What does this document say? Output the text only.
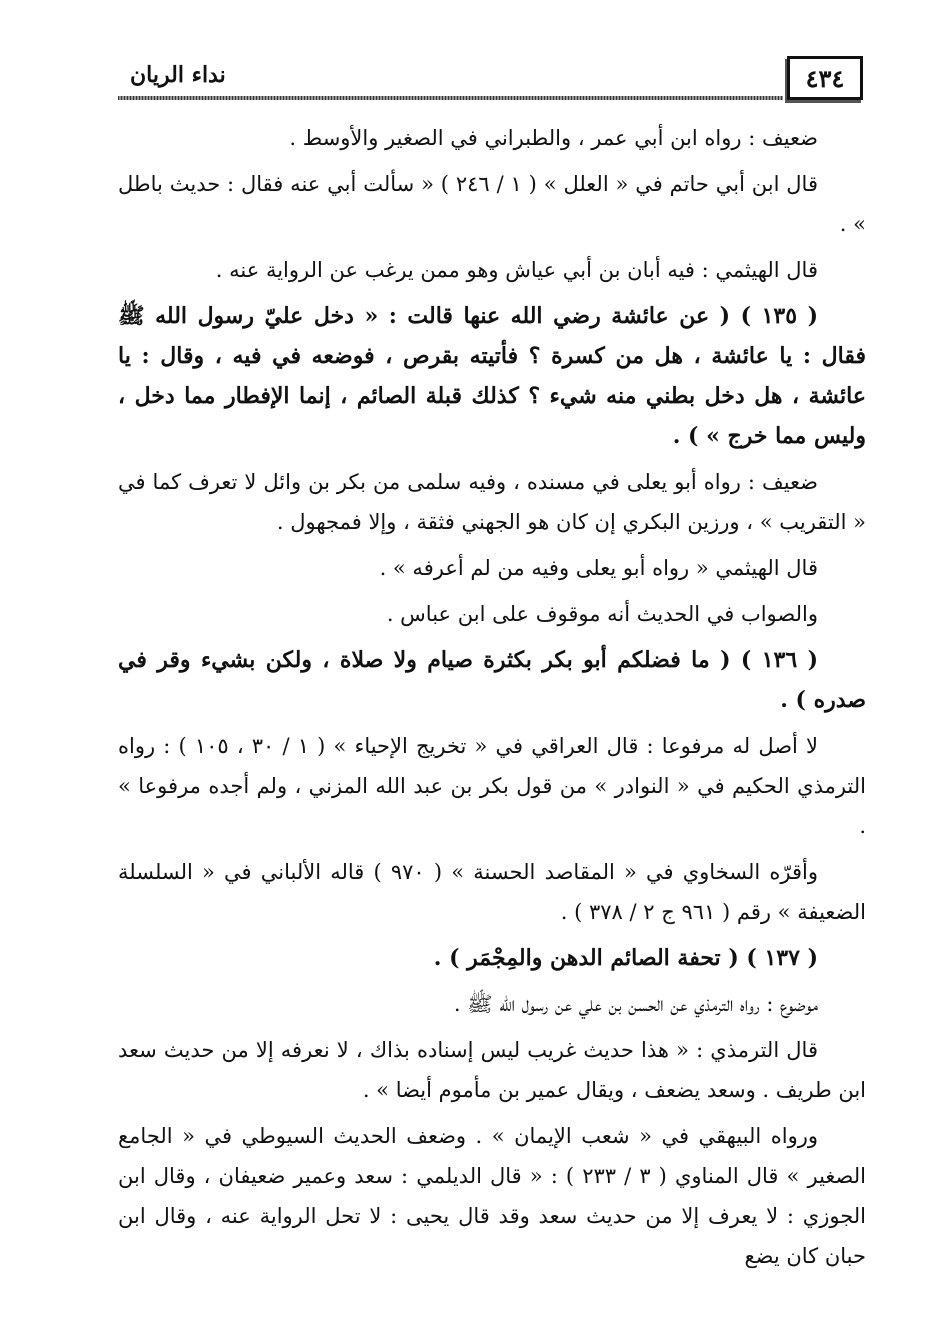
نداء الريان	٤٣٤

ضعيف : رواه ابن أبي عمر ، والطبراني في الصغير والأوسط .

قال ابن أبي حاتم في « العلل » ( ١ / ٢٤٦ ) « سألت أبي عنه فقال : حديث باطل » .

قال الهيثمي : فيه أبان بن أبي عياش وهو ممن يرغب عن الرواية عنه .

( ١٣٥ ) ( عن عائشة رضي الله عنها قالت : « دخل عليّ رسول الله ﷺ فقال : يا عائشة ، هل من كسرة ؟ فأتيته بقرص ، فوضعه في فيه ، وقال : يا عائشة ، هل دخل بطني منه شيء ؟ كذلك قبلة الصائم ، إنما الإفطار مما دخل ، وليس مما خرج » ) .

ضعيف : رواه أبو يعلى في مسنده ، وفيه سلمى من بكر بن وائل لا تعرف كما في « التقريب » ، ورزين البكري إن كان هو الجهني فثقة ، وإلا فمجهول .

قال الهيثمي « رواه أبو يعلى وفيه من لم أعرفه » .

والصواب في الحديث أنه موقوف على ابن عباس .

( ١٣٦ ) ( ما فضلكم أبو بكر بكثرة صيام ولا صلاة ، ولكن بشيء وقر في صدره ) .

لا أصل له مرفوعا : قال العراقي في « تخريج الإحياء » ( ١ / ٣٠ ، ١٠٥ ) : رواه الترمذي الحكيم في « النوادر » من قول بكر بن عبد الله المزني ، ولم أجده مرفوعا » .

وأقرّه السخاوي في « المقاصد الحسنة » ( ٩٧٠ ) قاله الألباني في « السلسلة الضعيفة » رقم ( ٩٦١ ج ٢ / ٣٧٨ ) .

( ١٣٧ ) ( تحفة الصائم الدهن والمِجْمَر ) .

موضوع : رواه الترمذي عن الحسن بن علي عن رسول الله ﷺ .

قال الترمذي : « هذا حديث غريب ليس إسناده بذاك ، لا نعرفه إلا من حديث سعد ابن طريف . وسعد يضعف ، ويقال عمير بن مأموم أيضا » .

ورواه البيهقي في « شعب الإيمان » . وضعف الحديث السيوطي في « الجامع الصغير » قال المناوي ( ٣ / ٢٣٣ ) : « قال الديلمي : سعد وعمير ضعيفان ، وقال ابن الجوزي : لا يعرف إلا من حديث سعد وقد قال يحيى : لا تحل الرواية عنه ، وقال ابن حبان كان يضع
